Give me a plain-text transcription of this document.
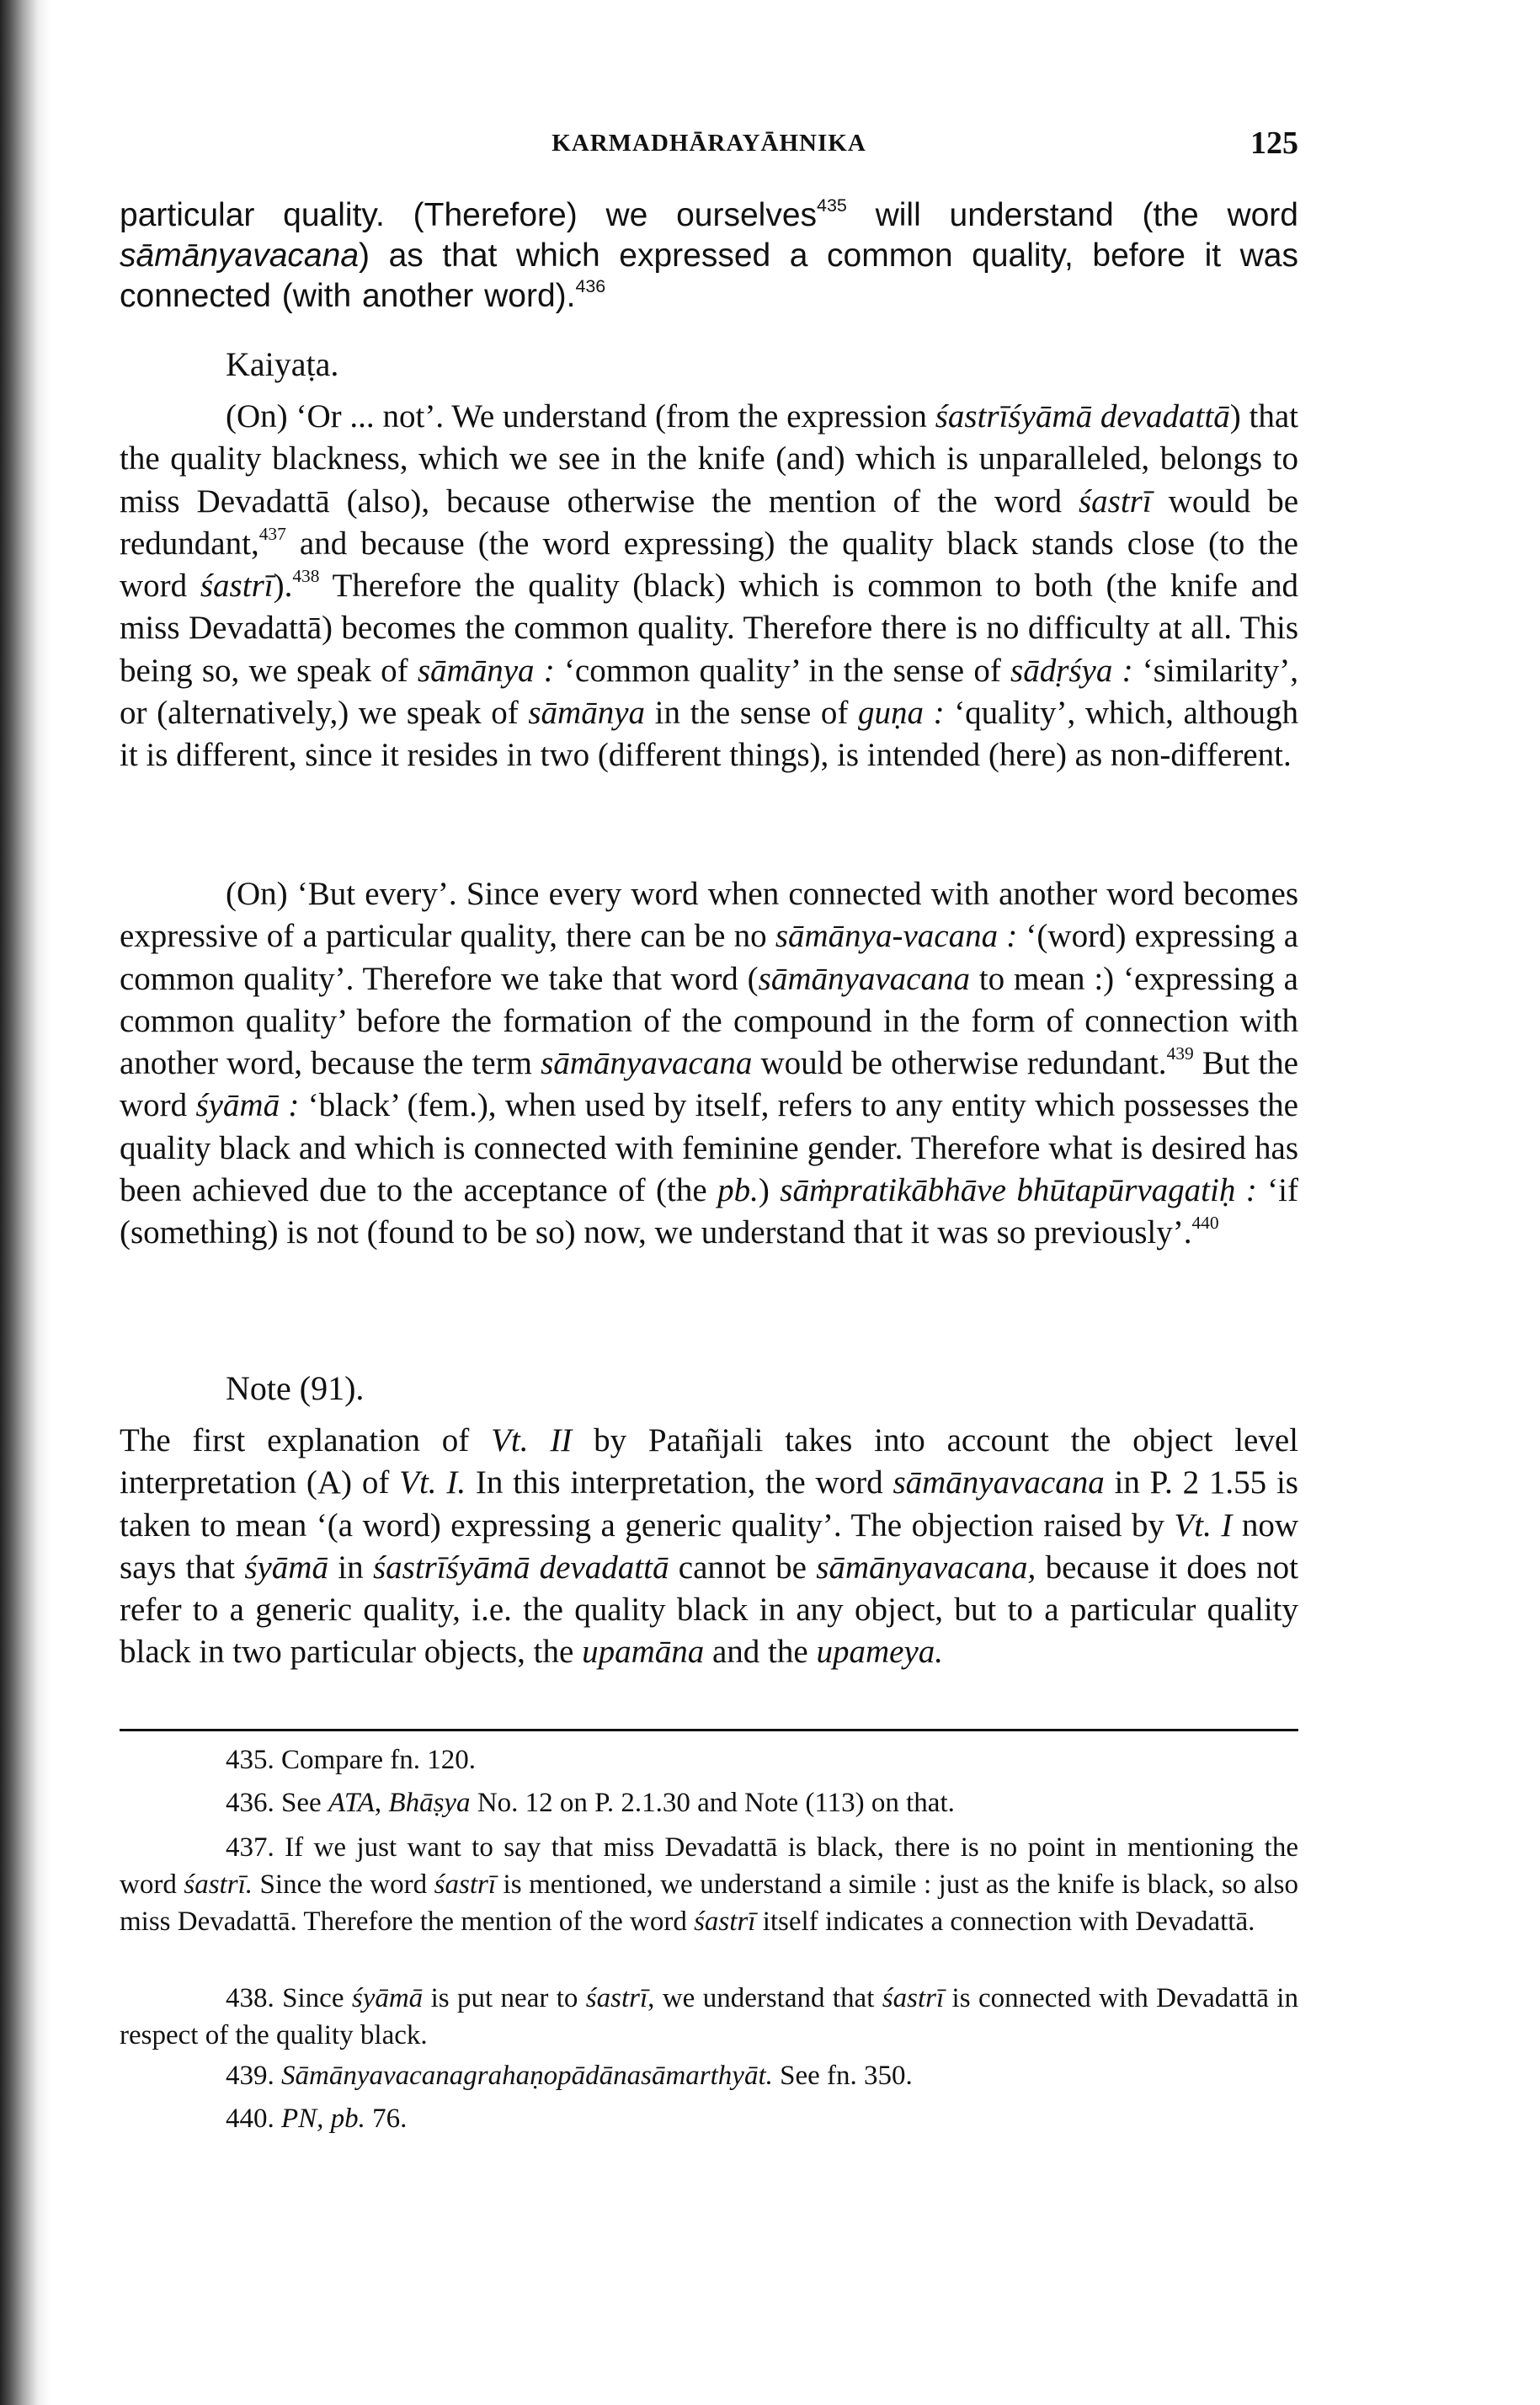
KARMADHĀRAYĀHNIKA	125
particular quality. (Therefore) we ourselves$^{435}$ will understand (the word sāmānyavacana) as that which expressed a common quality, before it was connected (with another word).$^{436}$
Kaiyaṭa.
(On) ‘Or ... not’. We understand (from the expression śastrīśyāmā devadattā) that the quality blackness, which we see in the knife (and) which is unparalleled, belongs to miss Devadattā (also), because otherwise the mention of the word śastrī would be redundant,$^{437}$ and because (the word expressing) the quality black stands close (to the word śastrī).$^{438}$ Therefore the quality (black) which is common to both (the knife and miss Devadattā) becomes the common quality. Therefore there is no difficulty at all. This being so, we speak of sāmānya : ‘common quality’ in the sense of sādṛśya : ‘similarity’, or (alternatively,) we speak of sāmānya in the sense of guṇa : ‘quality’, which, although it is different, since it resides in two (different things), is intended (here) as non-different.
(On) ‘But every’. Since every word when connected with another word becomes expressive of a particular quality, there can be no sāmānya-vacana : ‘(word) expressing a common quality’. Therefore we take that word (sāmānyavacana to mean :) ‘expressing a common quality’ before the formation of the compound in the form of connection with another word, because the term sāmānyavacana would be otherwise redundant.$^{439}$ But the word śyāmā : ‘black’ (fem.), when used by itself, refers to any entity which possesses the quality black and which is connected with feminine gender. Therefore what is desired has been achieved due to the acceptance of (the pb.) sāṁpratikābhāve bhūtapūrvagatiḥ : ‘if (something) is not (found to be so) now, we understand that it was so previously’.$^{440}$
Note (91).
The first explanation of Vt. II by Patañjali takes into account the object level interpretation (A) of Vt. I. In this interpretation, the word sāmānyavacana in P. 2 1.55 is taken to mean ‘(a word) expressing a generic quality’. The objection raised by Vt. I now says that śyāmā in śastrīśyāmā devadattā cannot be sāmānyavacana, because it does not refer to a generic quality, i.e. the quality black in any object, but to a particular quality black in two particular objects, the upamāna and the upameya.
435. Compare fn. 120.
436. See ATA, Bhāṣya No. 12 on P. 2.1.30 and Note (113) on that.
437. If we just want to say that miss Devadattā is black, there is no point in mentioning the word śastrī. Since the word śastrī is mentioned, we understand a simile : just as the knife is black, so also miss Devadattā. Therefore the mention of the word śastrī itself indicates a connection with Devadattā.
438. Since śyāmā is put near to śastrī, we understand that śastrī is connected with Devadattā in respect of the quality black.
439. Sāmānyavacanagrahaṇopādānasāmarthyāt. See fn. 350.
440. PN, pb. 76.
